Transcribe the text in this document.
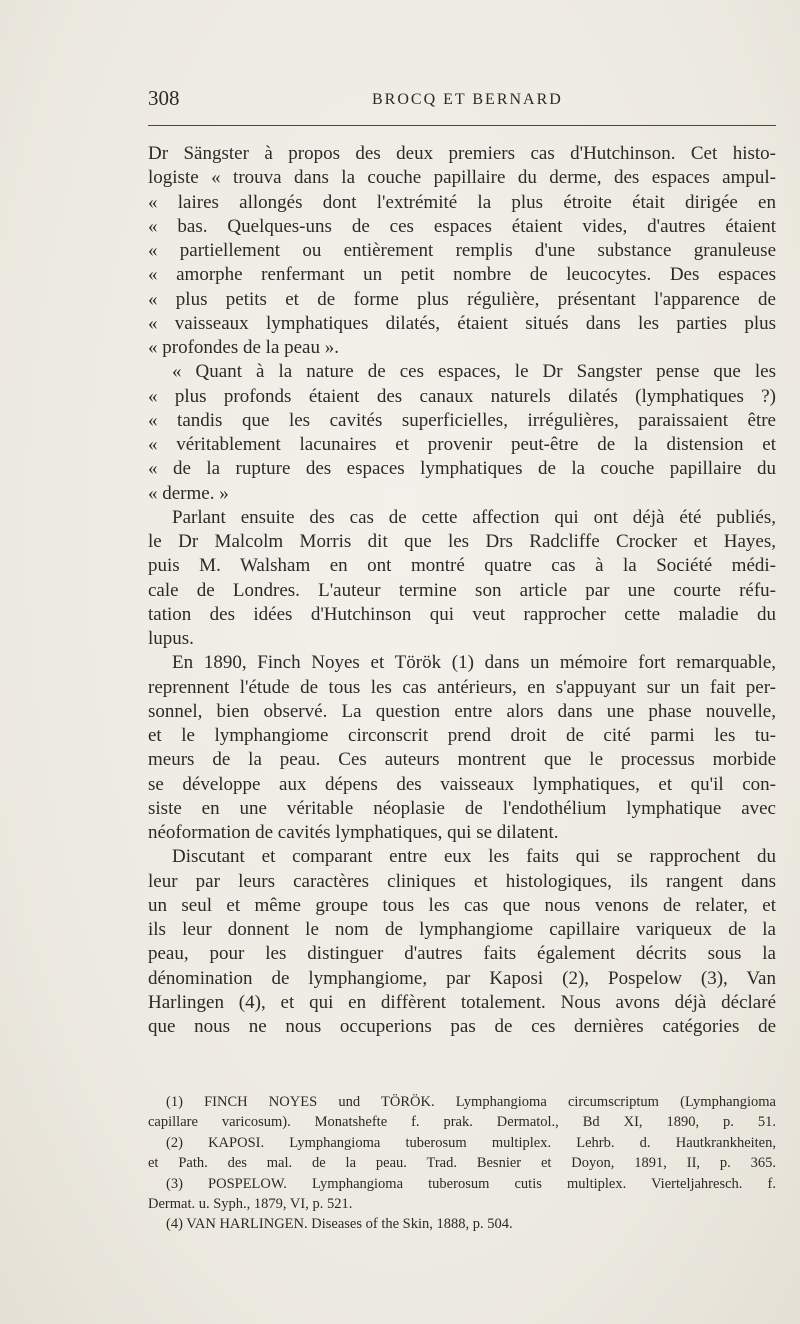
308	BROCQ ET BERNARD
Dr Sängster à propos des deux premiers cas d'Hutchinson. Cet histo-
logiste « trouva dans la couche papillaire du derme, des espaces ampul-
« laires allongés dont l'extrémité la plus étroite était dirigée en
« bas. Quelques-uns de ces espaces étaient vides, d'autres étaient
« partiellement ou entièrement remplis d'une substance granuleuse
« amorphe renfermant un petit nombre de leucocytes. Des espaces
« plus petits et de forme plus régulière, présentant l'apparence de
« vaisseaux lymphatiques dilatés, étaient situés dans les parties plus
« profondes de la peau ».
« Quant à la nature de ces espaces, le Dr Sangster pense que les
« plus profonds étaient des canaux naturels dilatés (lymphatiques ?)
« tandis que les cavités superficielles, irrégulières, paraissaient être
« véritablement lacunaires et provenir peut-être de la distension et
« de la rupture des espaces lymphatiques de la couche papillaire du
« derme. »
Parlant ensuite des cas de cette affection qui ont déjà été publiés,
le Dr Malcolm Morris dit que les Drs Radcliffe Crocker et Hayes,
puis M. Walsham en ont montré quatre cas à la Société médi-
cale de Londres. L'auteur termine son article par une courte réfu-
tation des idées d'Hutchinson qui veut rapprocher cette maladie du
lupus.
En 1890, Finch Noyes et Török (1) dans un mémoire fort remarquable,
reprennent l'étude de tous les cas antérieurs, en s'appuyant sur un fait per-
sonnel, bien observé. La question entre alors dans une phase nouvelle,
et le lymphangiome circonscrit prend droit de cité parmi les tu-
meurs de la peau. Ces auteurs montrent que le processus morbide
se développe aux dépens des vaisseaux lymphatiques, et qu'il con-
siste en une véritable néoplasie de l'endothélium lymphatique avec
néoformation de cavités lymphatiques, qui se dilatent.
Discutant et comparant entre eux les faits qui se rapprochent du
leur par leurs caractères cliniques et histologiques, ils rangent dans
un seul et même groupe tous les cas que nous venons de relater, et
ils leur donnent le nom de lymphangiome capillaire variqueux de la
peau, pour les distinguer d'autres faits également décrits sous la
dénomination de lymphangiome, par Kaposi (2), Pospelow (3), Van
Harlingen (4), et qui en diffèrent totalement. Nous avons déjà déclaré
que nous ne nous occuperions pas de ces dernières catégories de
(1) FINCH NOYES und TÖRÖK. Lymphangioma circumscriptum (Lymphangioma
capillare varicosum). Monatshefte f. prak. Dermatol., Bd XI, 1890, p. 51.
(2) KAPOSI. Lymphangioma tuberosum multiplex. Lehrb. d. Hautkrankheiten,
et Path. des mal. de la peau. Trad. Besnier et Doyon, 1891, II, p. 365.
(3) POSPELOW. Lymphangioma tuberosum cutis multiplex. Vierteljahresch. f.
Dermat. u. Syph., 1879, VI, p. 521.
(4) VAN HARLINGEN. Diseases of the Skin, 1888, p. 504.
